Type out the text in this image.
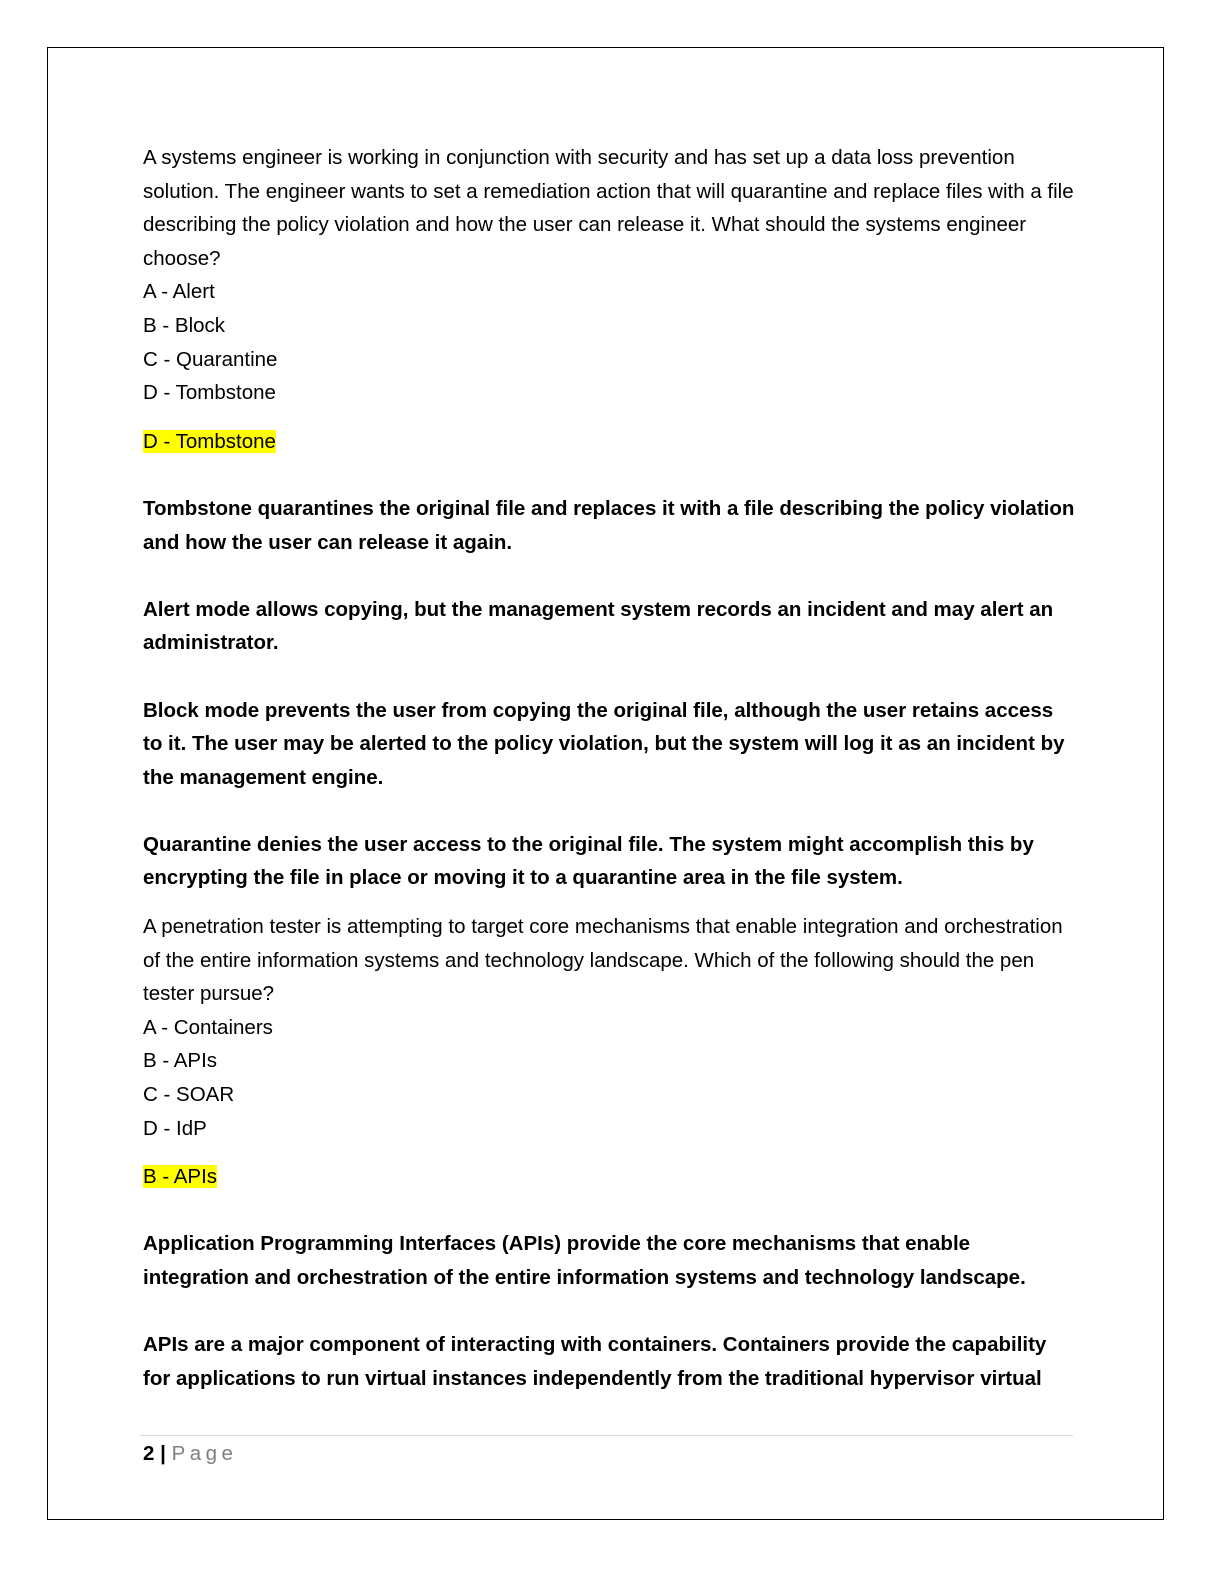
A systems engineer is working in conjunction with security and has set up a data loss prevention solution. The engineer wants to set a remediation action that will quarantine and replace files with a file describing the policy violation and how the user can release it. What should the systems engineer choose?

A - Alert

B - Block

C - Quarantine

D - Tombstone

D - Tombstone

Tombstone quarantines the original file and replaces it with a file describing the policy violation and how the user can release it again.

Alert mode allows copying, but the management system records an incident and may alert an administrator.

Block mode prevents the user from copying the original file, although the user retains access to it. The user may be alerted to the policy violation, but the system will log it as an incident by the management engine.

Quarantine denies the user access to the original file. The system might accomplish this by encrypting the file in place or moving it to a quarantine area in the file system.

A penetration tester is attempting to target core mechanisms that enable integration and orchestration of the entire information systems and technology landscape. Which of the following should the pen tester pursue?

A - Containers

B - APIs

C - SOAR

D - IdP

B - APIs

Application Programming Interfaces (APIs) provide the core mechanisms that enable integration and orchestration of the entire information systems and technology landscape.

APIs are a major component of interacting with containers. Containers provide the capability for applications to run virtual instances independently from the traditional hypervisor virtual

2 | Page
